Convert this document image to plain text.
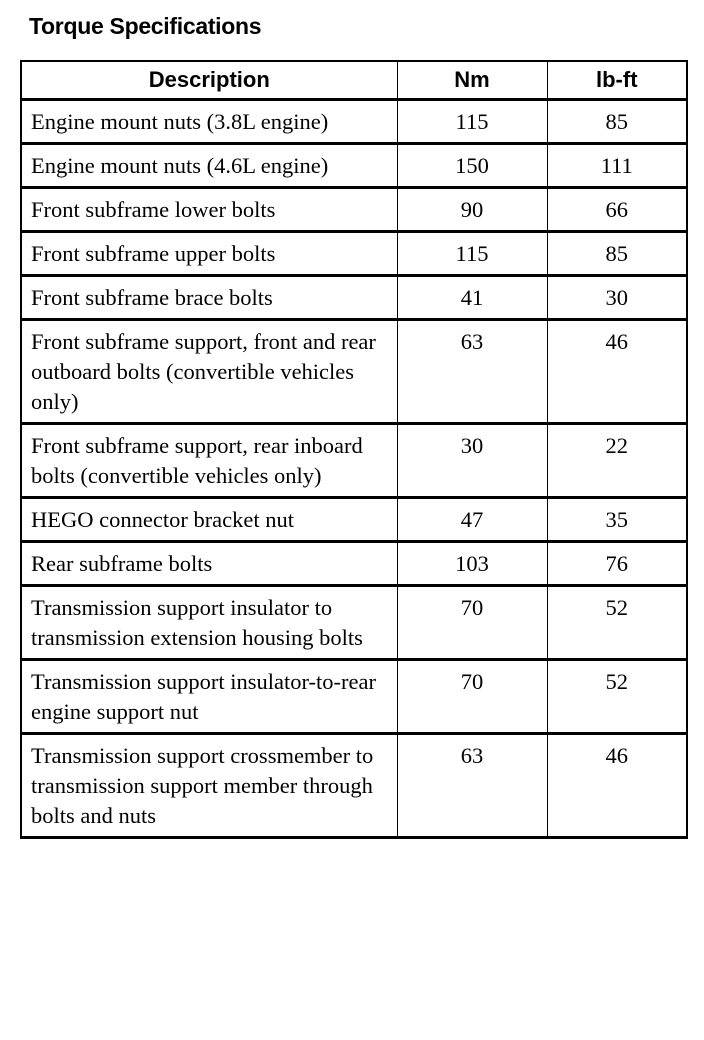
Torque Specifications
Description	Nm	lb-ft
Engine mount nuts (3.8L engine)	115	85
Engine mount nuts (4.6L engine)	150	111
Front subframe lower bolts	90	66
Front subframe upper bolts	115	85
Front subframe brace bolts	41	30
Front subframe support, front and rear outboard bolts (convertible vehicles only)	63	46
Front subframe support, rear inboard bolts (convertible vehicles only)	30	22
HEGO connector bracket nut	47	35
Rear subframe bolts	103	76
Transmission support insulator to transmission extension housing bolts	70	52
Transmission support insulator-to-rear engine support nut	70	52
Transmission support crossmember to transmission support member through bolts and nuts	63	46
